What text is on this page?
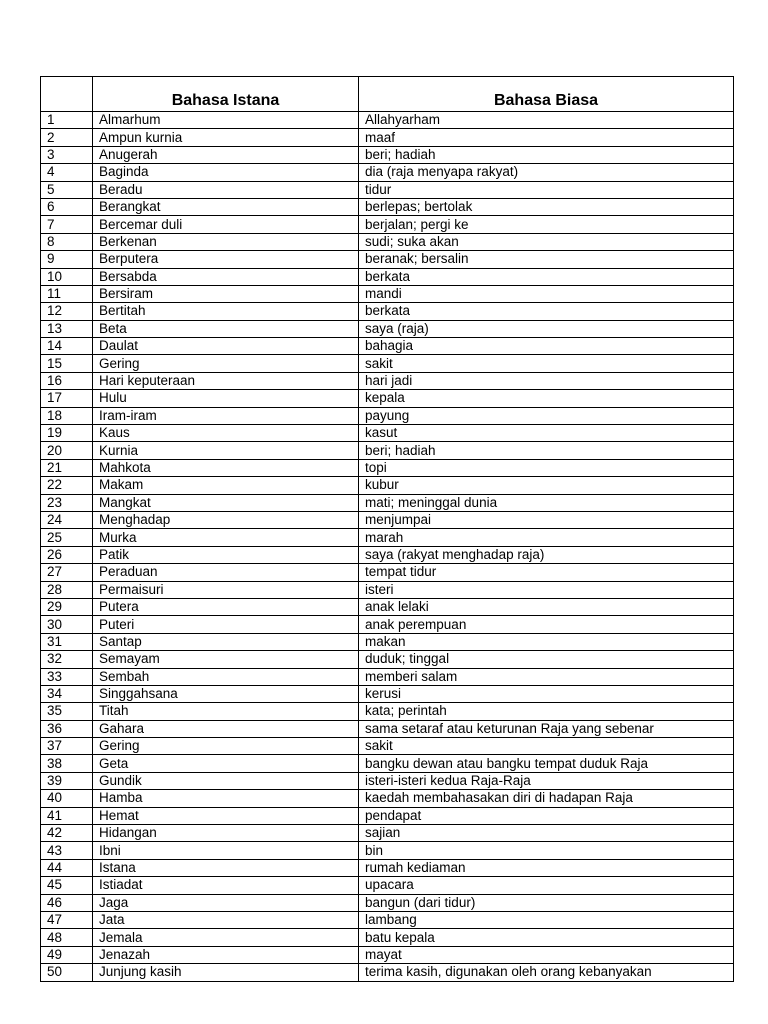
	Bahasa Istana	Bahasa Biasa
1	Almarhum	Allahyarham
2	Ampun kurnia	maaf
3	Anugerah	beri; hadiah
4	Baginda	dia (raja menyapa rakyat)
5	Beradu	tidur
6	Berangkat	berlepas; bertolak
7	Bercemar duli	berjalan; pergi ke
8	Berkenan	sudi; suka akan
9	Berputera	beranak; bersalin
10	Bersabda	berkata
11	Bersiram	mandi
12	Bertitah	berkata
13	Beta	saya (raja)
14	Daulat	bahagia
15	Gering	sakit
16	Hari keputeraan	hari jadi
17	Hulu	kepala
18	Iram-iram	payung
19	Kaus	kasut
20	Kurnia	beri; hadiah
21	Mahkota	topi
22	Makam	kubur
23	Mangkat	mati; meninggal dunia
24	Menghadap	menjumpai
25	Murka	marah
26	Patik	saya (rakyat menghadap raja)
27	Peraduan	tempat tidur
28	Permaisuri	isteri
29	Putera	anak lelaki
30	Puteri	anak perempuan
31	Santap	makan
32	Semayam	duduk; tinggal
33	Sembah	memberi salam
34	Singgahsana	kerusi
35	Titah	kata; perintah
36	Gahara	sama setaraf atau keturunan Raja yang sebenar
37	Gering	sakit
38	Geta	bangku dewan atau bangku tempat duduk Raja
39	Gundik	isteri-isteri kedua Raja-Raja
40	Hamba	kaedah membahasakan diri di hadapan Raja
41	Hemat	pendapat
42	Hidangan	sajian
43	Ibni	bin
44	Istana	rumah kediaman
45	Istiadat	upacara
46	Jaga	bangun (dari tidur)
47	Jata	lambang
48	Jemala	batu kepala
49	Jenazah	mayat
50	Junjung kasih	terima kasih, digunakan oleh orang kebanyakan
